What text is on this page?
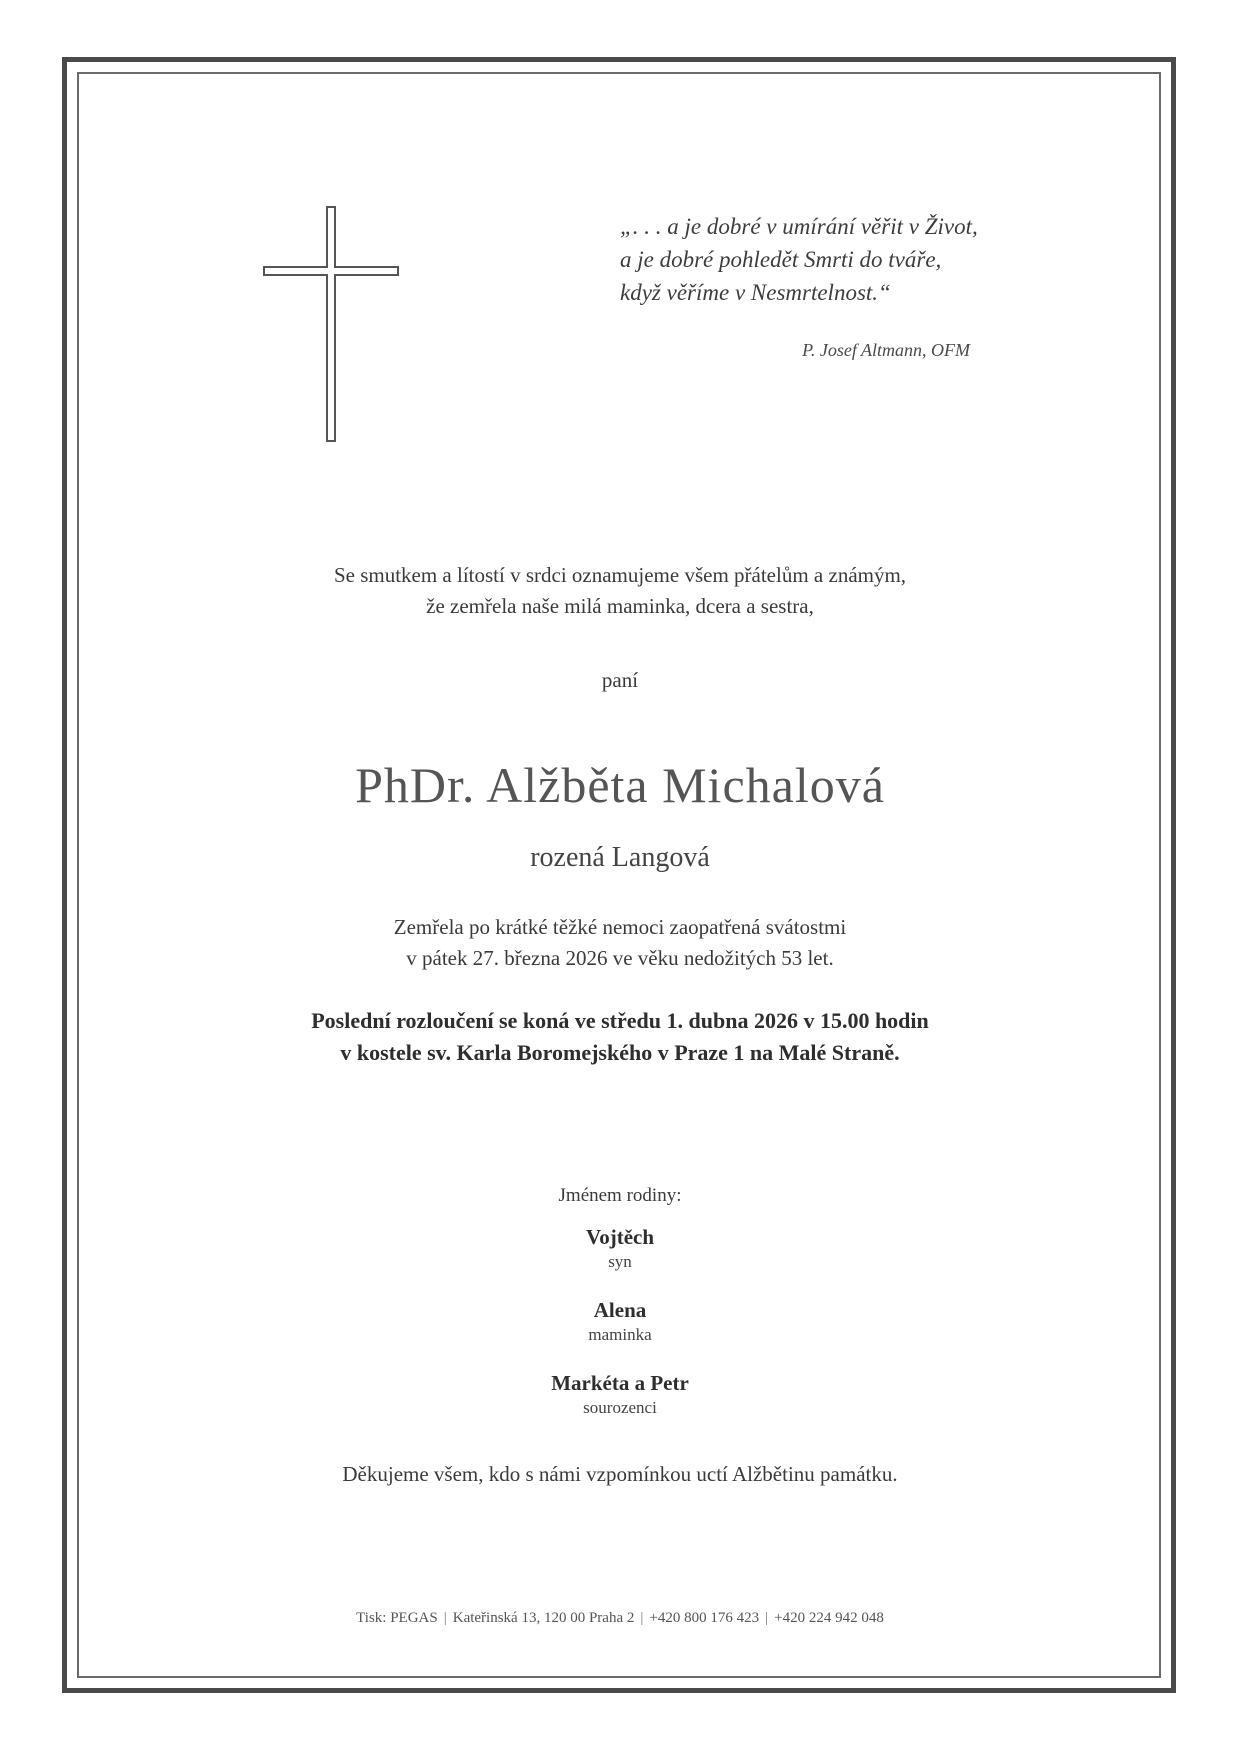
„. . . a je dobré v umírání věřit v Život,
a je dobré pohledět Smrti do tváře,
když věříme v Nesmrtelnost.“
P. Josef Altmann, OFM
Se smutkem a lítostí v srdci oznamujeme všem přátelům a známým,
že zemřela naše milá maminka, dcera a sestra,
paní
PhDr. Alžběta Michalová
rozená Langová
Zemřela po krátké těžké nemoci zaopatřená svátostmi
v pátek 27. března 2026 ve věku nedožitých 53 let.
Poslední rozloučení se koná ve středu 1. dubna 2026 v 15.00 hodin
v kostele sv. Karla Boromejského v Praze 1 na Malé Straně.
Jménem rodiny:
Vojtěch
syn
Alena
maminka
Markéta a Petr
sourozenci
Děkujeme všem, kdo s námi vzpomínkou uctí Alžbětinu památku.
Tisk: PEGAS | Kateřinská 13, 120 00 Praha 2 | +420 800 176 423 | +420 224 942 048
